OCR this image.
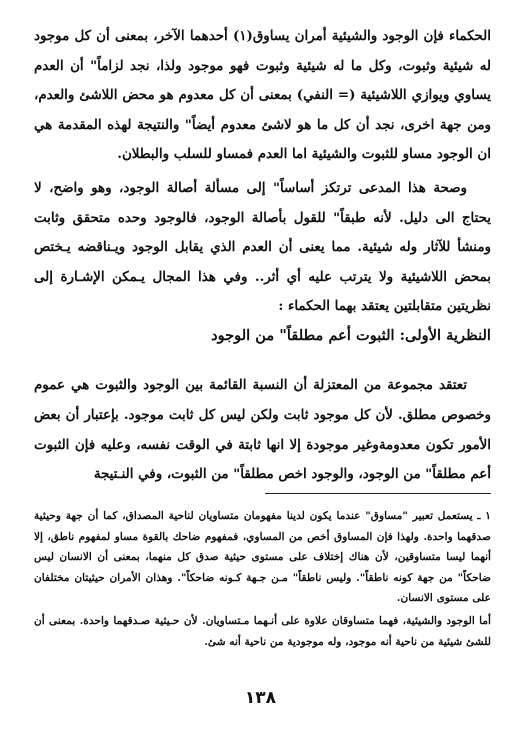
الحكماء فإن الوجود والشيئية أمران يساوق(١) أحدهما الآخر، بمعنى أن كل موجود له شيئية وثبوت، وكل ما له شيئية وثبوت فهو موجود ولذا، نجد لزاماً" أن العدم يساوي ويوازي اللاشيئية (= النفي) بمعنى أن كل معدوم هو محض اللاشئ والعدم، ومن جهة اخرى، نجد أن كل ما هو لاشئ معدوم أيضاً" والنتيجة لهذه المقدمة هي ان الوجود مساو للثبوت والشيئية اما العدم فمساو للسلب والبطلان.

وصحة هذا المدعى ترتكز أساساً" إلى مسألة أصالة الوجود، وهو واضح، لا يحتاج الى دليل. لأنه طبقاً" للقول بأصالة الوجود، فالوجود وحده متحقق وثابت ومنشأ للآثار وله شيئية. مما يعنى أن العدم الذي يقابل الوجود ويـناقضه يـختص بمحض اللاشيئية ولا يترتب عليه أي أثر.. وفي هذا المجال يـمكن الإشـارة إلى نظريتين متقابلتين يعتقد بهما الحكماء :

النظرية الأولى: الثبوت أعم مطلقاً" من الوجود

تعتقد مجموعة من المعتزلة أن النسبة القائمة بين الوجود والثبوت هي عموم وخصوص مطلق. لأن كل موجود ثابت ولكن ليس كل ثابت موجود. بإعتبار أن بعض الأمور تكون معدومةوغير موجودة إلا انها ثابتة في الوقت نفسه، وعليه فإن الثبوت أعم مطلقاً" من الوجود، والوجود اخص مطلقاً" من الثبوت، وفي النـتيجة

١ ـ يستعمل تعبير "مساوق" عندما يكون لدينا مفهومان متساويان لناحية المصداق، كما أن جهة وحيثية صدقهما واحدة. ولهذا فإن المساوق أخص من المساوي، فمفهوم ضاحك بالقوة مساو لمفهوم ناطق، إلا أنهما ليسا متساوقين، لأن هناك إختلاف على مستوى حيثية صدق كل منهما، بمعنى أن الانسان ليس ضاحكاً" من جهة كونه ناطقاً". وليس ناطقاً" مـن جـهة كـونه ضاحكاً". وهذان الأمران حيثيتان مختلفان على مستوى الانسان.

أما الوجود والشيئية، فهما متساوقان علاوة على أنـهما مـتساويان. لأن حـيثية صـدقهما واحدة. بمعنى أن للشئ شيئية من ناحية أنه موجود، وله موجودية من ناحية أنه شئ.

١٣٨
